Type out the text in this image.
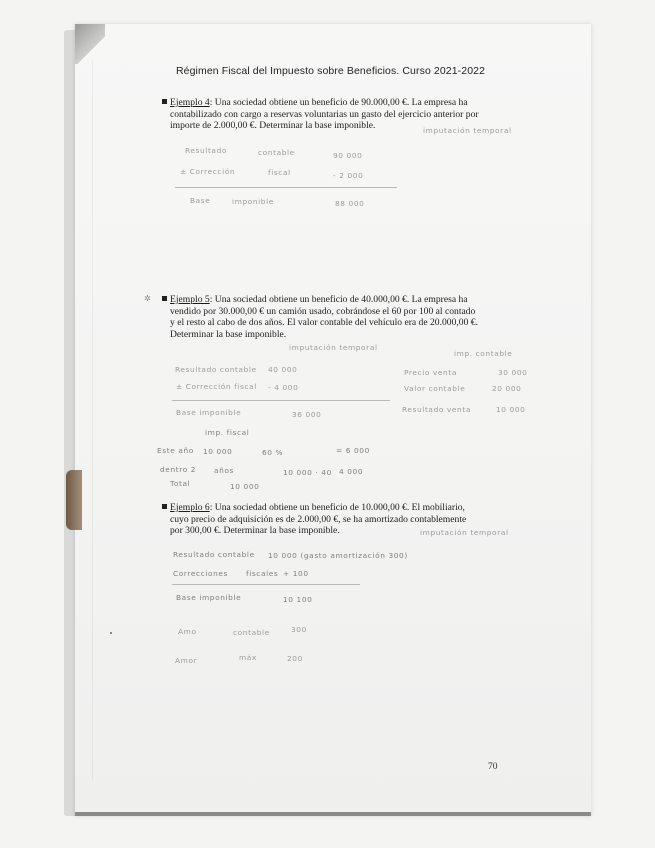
Régimen Fiscal del Impuesto sobre Beneficios. Curso 2021-2022
Ejemplo 4: Una sociedad obtiene un beneficio de 90.000,00 €. La empresa ha
contabilizado con cargo a reservas voluntarias un gasto del ejercicio anterior por
importe de 2.000,00 €. Determinar la base imponible.	imputación temporal
Resultado	contable	90 000
± Corrección	fiscal	- 2 000
Base	imponible	88 000
✲ Ejemplo 5: Una sociedad obtiene un beneficio de 40.000,00 €. La empresa ha
vendido por 30.000,00 € un camión usado, cobrándose el 60 por 100 al contado
y el resto al cabo de dos años. El valor contable del vehículo era de 20.000,00 €.
Determinar la base imponible.
imputación temporal
imp. contable
Resultado contable 40 000
± Corrección fiscal - 4 000
Base imponible	36 000
Precio venta	30 000
Valor contable	20 000
Resultado venta	10 000
imp. fiscal
Este año 10 000	60 %	= 6 000
dentro 2 años	10 000 · 40 4 000
Total	10 000
Ejemplo 6: Una sociedad obtiene un beneficio de 10.000,00 €. El mobiliario,
cuyo precio de adquisición es de 2.000,00 €, se ha amortizado contablemente
por 300,00 €. Determinar la base imponible.	imputación temporal
Resultado contable 10 000 (gasto amortización 300)
Correcciones fiscales + 100
Base imponible	10 100
Amo	contable	300
Amor	máx	200
70
